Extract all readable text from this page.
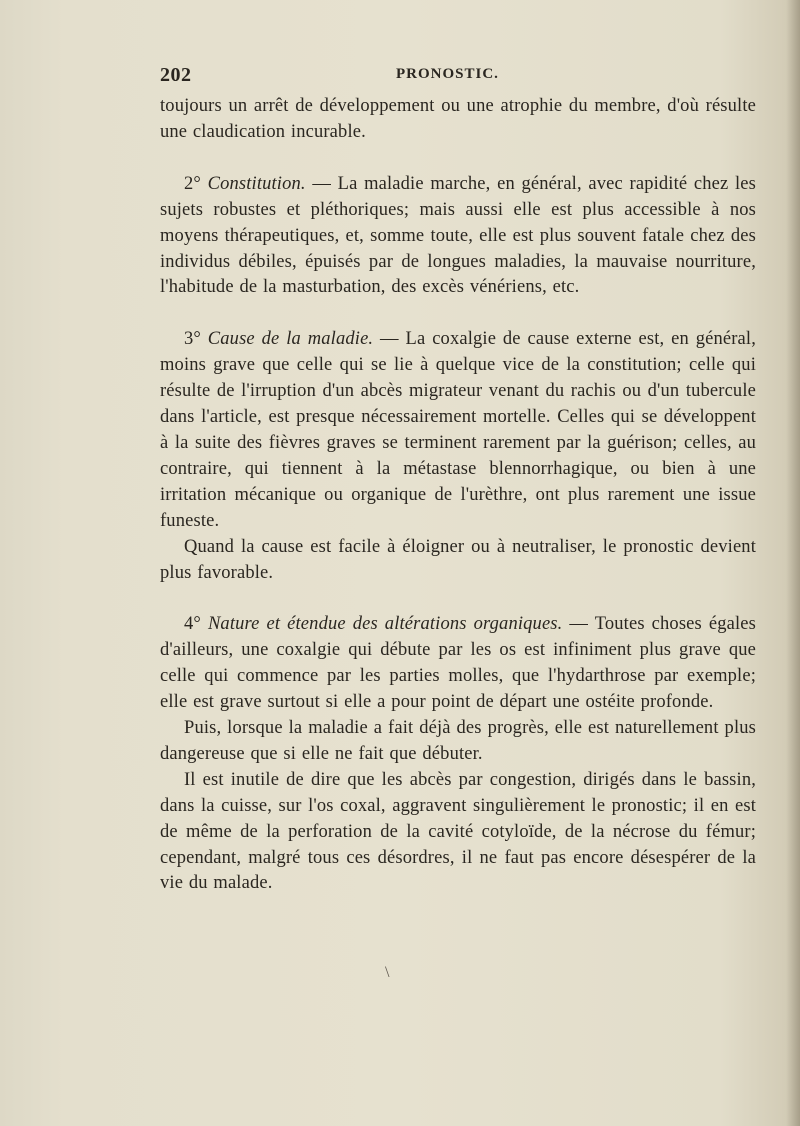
202	PRONOSTIC.

toujours un arrêt de développement ou une atrophie du membre, d'où résulte une claudication incurable.

2° Constitution. — La maladie marche, en général, avec rapidité chez les sujets robustes et pléthoriques; mais aussi elle est plus accessible à nos moyens thérapeutiques, et, somme toute, elle est plus souvent fatale chez des individus débiles, épuisés par de longues maladies, la mauvaise nourriture, l'habitude de la masturbation, des excès vénériens, etc.

3° Cause de la maladie. — La coxalgie de cause externe est, en général, moins grave que celle qui se lie à quelque vice de la constitution; celle qui résulte de l'irruption d'un abcès migrateur venant du rachis ou d'un tubercule dans l'article, est presque nécessairement mortelle. Celles qui se développent à la suite des fièvres graves se terminent rarement par la guérison; celles, au contraire, qui tiennent à la métastase blennorrhagique, ou bien à une irritation mécanique ou organique de l'urèthre, ont plus rarement une issue funeste.

Quand la cause est facile à éloigner ou à neutraliser, le pronostic devient plus favorable.

4° Nature et étendue des altérations organiques. — Toutes choses égales d'ailleurs, une coxalgie qui débute par les os est infiniment plus grave que celle qui commence par les parties molles, que l'hydarthrose par exemple; elle est grave surtout si elle a pour point de départ une ostéite profonde.

Puis, lorsque la maladie a fait déjà des progrès, elle est naturellement plus dangereuse que si elle ne fait que débuter.

Il est inutile de dire que les abcès par congestion, dirigés dans le bassin, dans la cuisse, sur l'os coxal, aggravent singulièrement le pronostic; il en est de même de la perforation de la cavité cotyloïde, de la nécrose du fémur; cependant, malgré tous ces désordres, il ne faut pas encore désespérer de la vie du malade.

\
